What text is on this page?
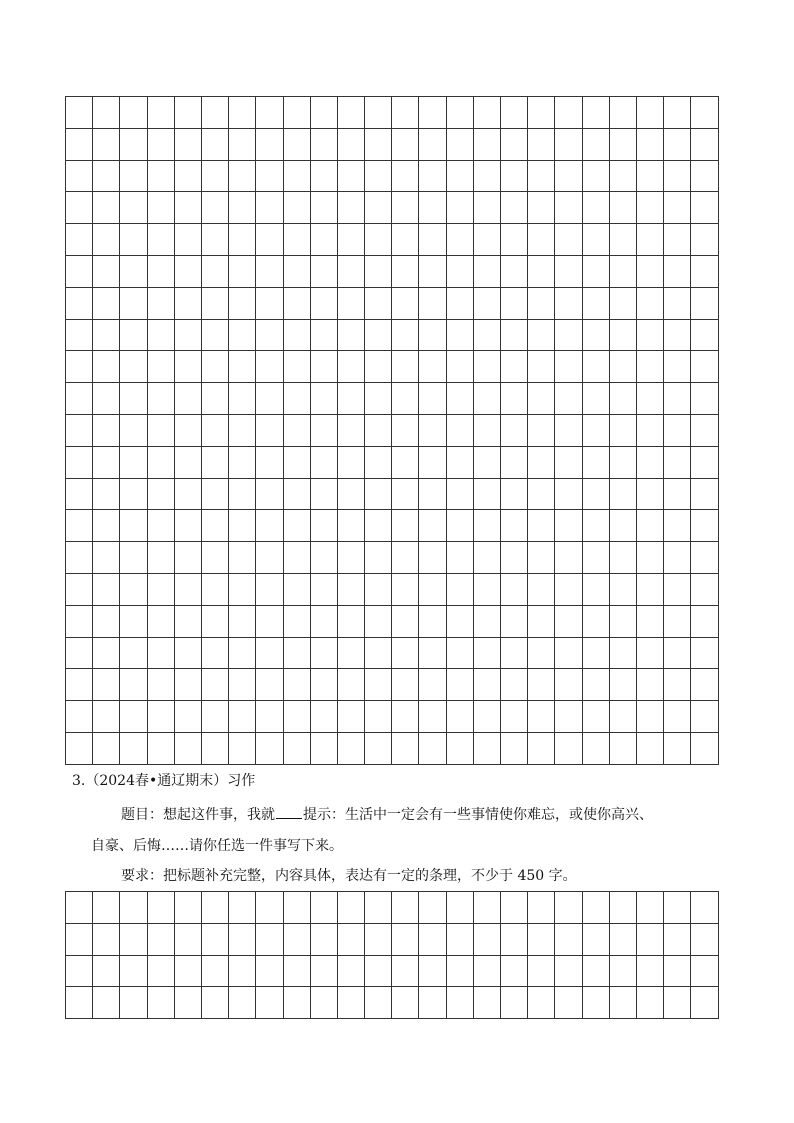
3.（2024春•通辽期末）习作
题目：想起这件事，我就 提示：生活中一定会有一些事情使你难忘，或使你高兴、
自豪、后悔……请你任选一件事写下来。
要求：把标题补充完整，内容具体，表达有一定的条理，不少于 450 字。
